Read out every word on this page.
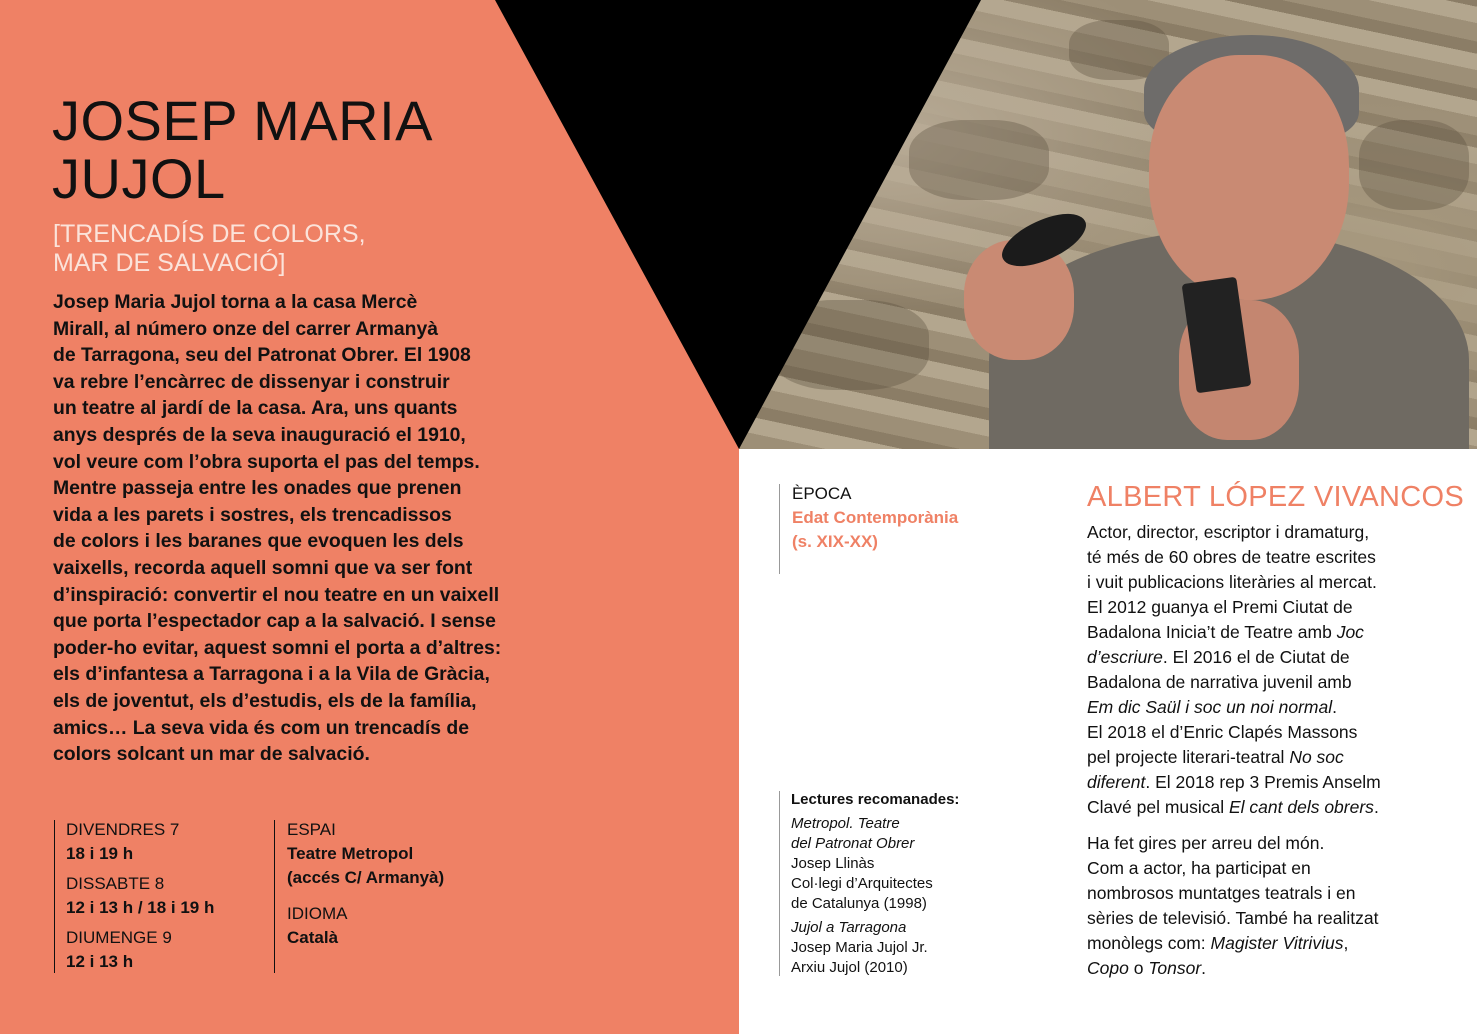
JOSEP MARIA
JUJOL
[TRENCADÍS DE COLORS,
MAR DE SALVACIÓ]
Josep Maria Jujol torna a la casa Mercè
Mirall, al número onze del carrer Armanyà
de Tarragona, seu del Patronat Obrer. El 1908
va rebre l’encàrrec de dissenyar i construir
un teatre al jardí de la casa. Ara, uns quants
anys després de la seva inauguració el 1910,
vol veure com l’obra suporta el pas del temps.
Mentre passeja entre les onades que prenen
vida a les parets i sostres, els trencadissos
de colors i les baranes que evoquen les dels
vaixells, recorda aquell somni que va ser font
d’inspiració: convertir el nou teatre en un vaixell
que porta l’espectador cap a la salvació. I sense
poder-ho evitar, aquest somni el porta a d’altres:
els d’infantesa a Tarragona i a la Vila de Gràcia,
els de joventut, els d’estudis, els de la família,
amics… La seva vida és com un trencadís de
colors solcant un mar de salvació.
DIVENDRES 7
18 i 19 h
DISSABTE 8
12 i 13 h / 18 i 19 h
DIUMENGE 9
12 i 13 h
ESPAI
Teatre Metropol
(accés C/ Armanyà)
IDIOMA
Català
ÈPOCA
Edat Contemporània
(s. XIX-XX)
Lectures recomanades:
Metropol. Teatre
del Patronat Obrer
Josep Llinàs
Col·legi d’Arquitectes
de Catalunya (1998)
Jujol a Tarragona
Josep Maria Jujol Jr.
Arxiu Jujol (2010)
ALBERT LÓPEZ VIVANCOS
Actor, director, escriptor i dramaturg,
té més de 60 obres de teatre escrites
i vuit publicacions literàries al mercat.
El 2012 guanya el Premi Ciutat de
Badalona Inicia’t de Teatre amb Joc
d’escriure. El 2016 el de Ciutat de
Badalona de narrativa juvenil amb
Em dic Saül i soc un noi normal.
El 2018 el d’Enric Clapés Massons
pel projecte literari-teatral No soc
diferent. El 2018 rep 3 Premis Anselm
Clavé pel musical El cant dels obrers.
Ha fet gires per arreu del món.
Com a actor, ha participat en
nombrosos muntatges teatrals i en
sèries de televisió. També ha realitzat
monòlegs com: Magister Vitrivius,
Copo o Tonsor.
